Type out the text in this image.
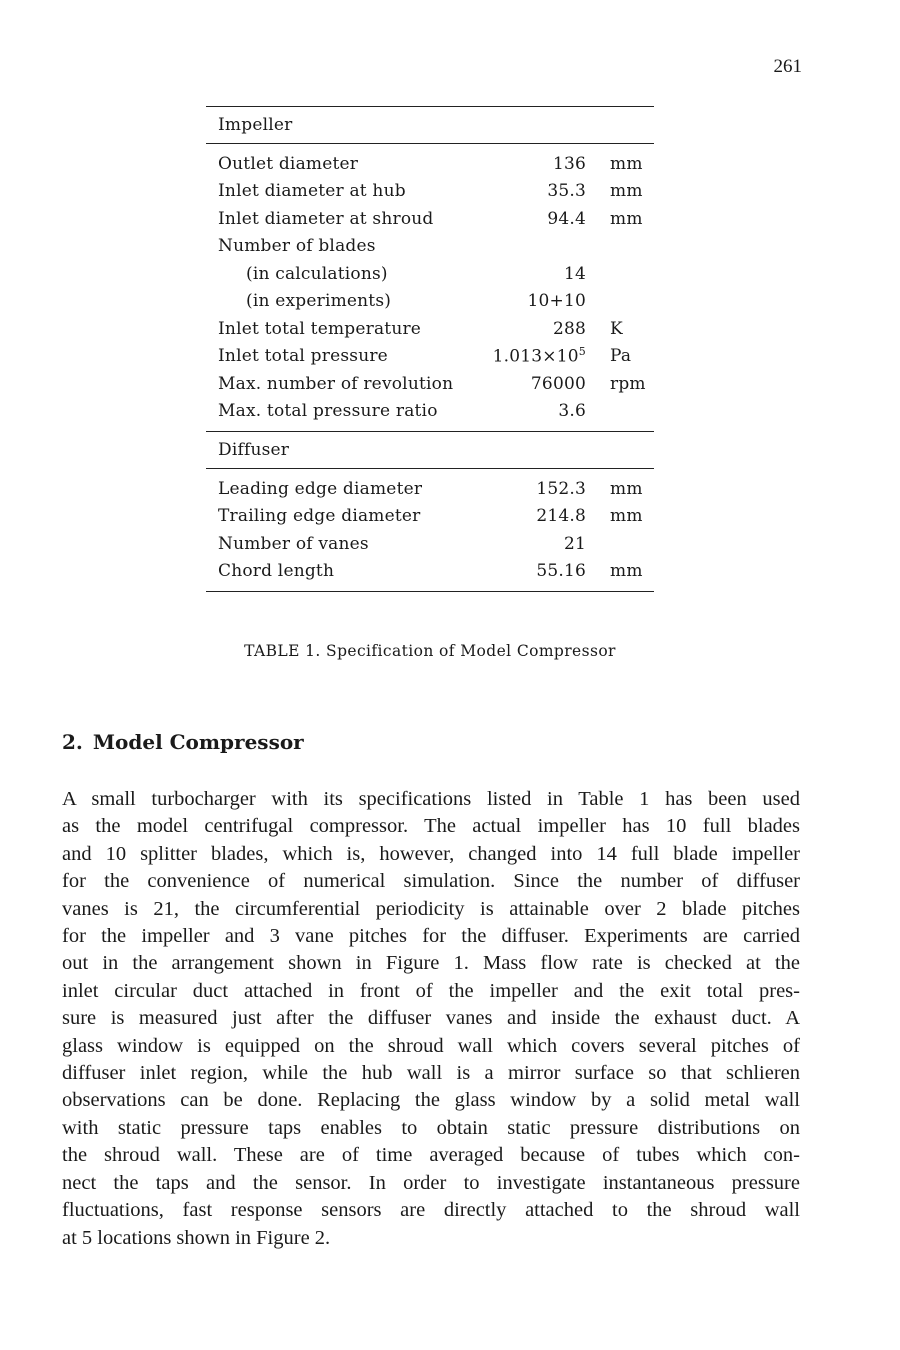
261
Impeller
Outlet diameter	136	mm
Inlet diameter at hub	35.3	mm
Inlet diameter at shroud	94.4	mm
Number of blades
(in calculations)	14
(in experiments)	10+10
Inlet total temperature	288	K
Inlet total pressure	$1.013\times 10^5$	Pa
Max. number of revolution	76000	rpm
Max. total pressure ratio	3.6
Diffuser
Leading edge diameter	152.3	mm
Trailing edge diameter	214.8	mm
Number of vanes	21
Chord length	55.16	mm
TABLE 1. Specification of Model Compressor
2. Model Compressor
A small turbocharger with its specifications listed in Table 1 has been used
as the model centrifugal compressor. The actual impeller has 10 full blades
and 10 splitter blades, which is, however, changed into 14 full blade impeller
for the convenience of numerical simulation. Since the number of diffuser
vanes is 21, the circumferential periodicity is attainable over 2 blade pitches
for the impeller and 3 vane pitches for the diffuser. Experiments are carried
out in the arrangement shown in Figure 1. Mass flow rate is checked at the
inlet circular duct attached in front of the impeller and the exit total pres-
sure is measured just after the diffuser vanes and inside the exhaust duct. A
glass window is equipped on the shroud wall which covers several pitches of
diffuser inlet region, while the hub wall is a mirror surface so that schlieren
observations can be done. Replacing the glass window by a solid metal wall
with static pressure taps enables to obtain static pressure distributions on
the shroud wall. These are of time averaged because of tubes which con-
nect the taps and the sensor. In order to investigate instantaneous pressure
fluctuations, fast response sensors are directly attached to the shroud wall
at 5 locations shown in Figure 2.
